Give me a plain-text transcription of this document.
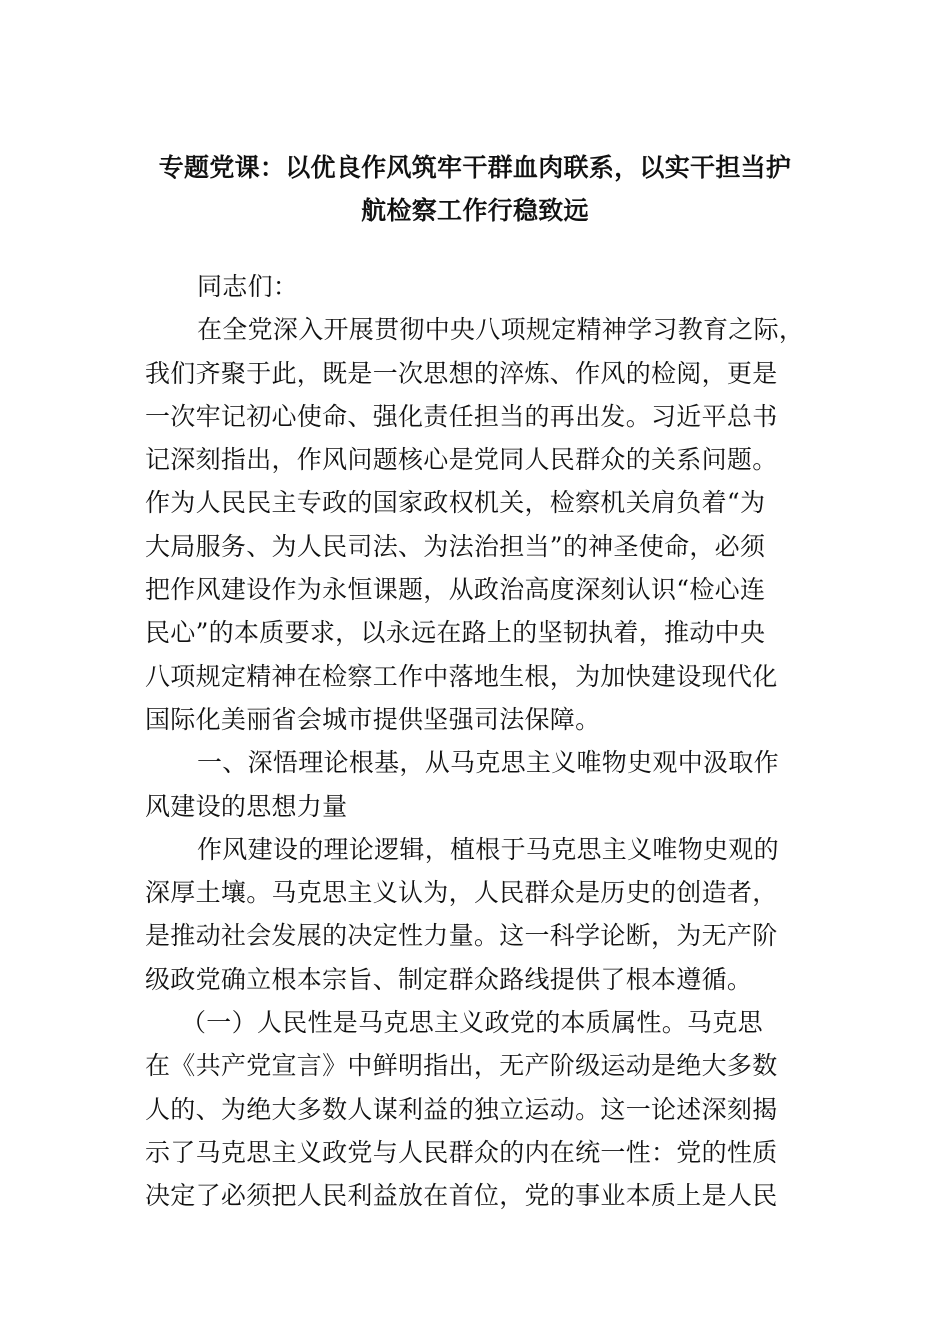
专题党课：以优良作风筑牢干群血肉联系，以实干担当护
航检察工作行稳致远
同志们：
在全党深入开展贯彻中央八项规定精神学习教育之际，
我们齐聚于此，既是一次思想的淬炼、作风的检阅，更是
一次牢记初心使命、强化责任担当的再出发。习近平总书
记深刻指出，作风问题核心是党同人民群众的关系问题。
作为人民民主专政的国家政权机关，检察机关肩负着“为
大局服务、为人民司法、为法治担当”的神圣使命，必须
把作风建设作为永恒课题，从政治高度深刻认识“检心连
民心”的本质要求，以永远在路上的坚韧执着，推动中央
八项规定精神在检察工作中落地生根，为加快建设现代化
国际化美丽省会城市提供坚强司法保障。
一、深悟理论根基，从马克思主义唯物史观中汲取作
风建设的思想力量
作风建设的理论逻辑，植根于马克思主义唯物史观的
深厚土壤。马克思主义认为，人民群众是历史的创造者，
是推动社会发展的决定性力量。这一科学论断，为无产阶
级政党确立根本宗旨、制定群众路线提供了根本遵循。
（一）人民性是马克思主义政党的本质属性。马克思
在《共产党宣言》中鲜明指出，无产阶级运动是绝大多数
人的、为绝大多数人谋利益的独立运动。这一论述深刻揭
示了马克思主义政党与人民群众的内在统一性：党的性质
决定了必须把人民利益放在首位，党的事业本质上是人民
